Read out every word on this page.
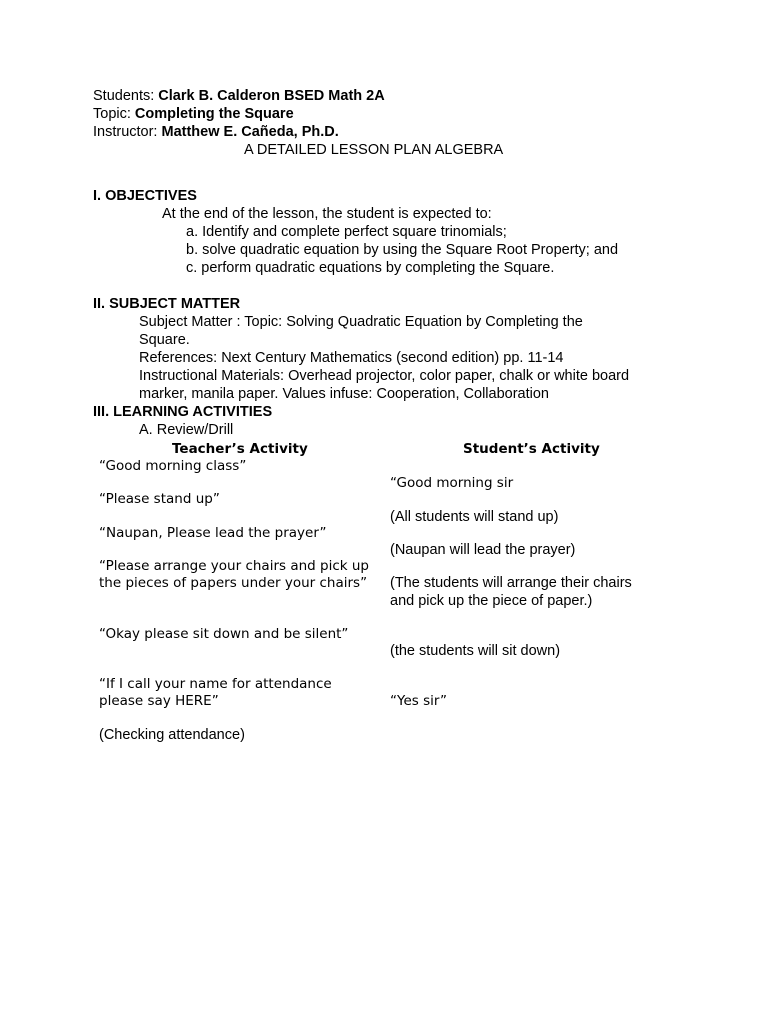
Students: Clark B. Calderon BSED Math 2A
Topic: Completing the Square
Instructor: Matthew E. Cañeda, Ph.D.
A DETAILED LESSON PLAN ALGEBRA
I. OBJECTIVES
At the end of the lesson, the student is expected to:
a. Identify and complete perfect square trinomials;
b. solve quadratic equation by using the Square Root Property; and
c. perform quadratic equations by completing the Square.
II. SUBJECT MATTER
Subject Matter : Topic: Solving Quadratic Equation by Completing the
Square.
References: Next Century Mathematics (second edition) pp. 11-14
Instructional Materials: Overhead projector, color paper, chalk or white board
marker, manila paper. Values infuse: Cooperation, Collaboration
III. LEARNING ACTIVITIES
A. Review/Drill
Teacher’s Activity	Student’s Activity
“Good morning class”
“Please stand up”
“Naupan, Please lead the prayer”
“Please arrange your chairs and pick up
the pieces of papers under your chairs”
“Okay please sit down and be silent”
“If I call your name for attendance
please say HERE”
(Checking attendance)
“Good morning sir
(All students will stand up)
(Naupan will lead the prayer)
(The students will arrange their chairs
and pick up the piece of paper.)
(the students will sit down)
“Yes sir”
